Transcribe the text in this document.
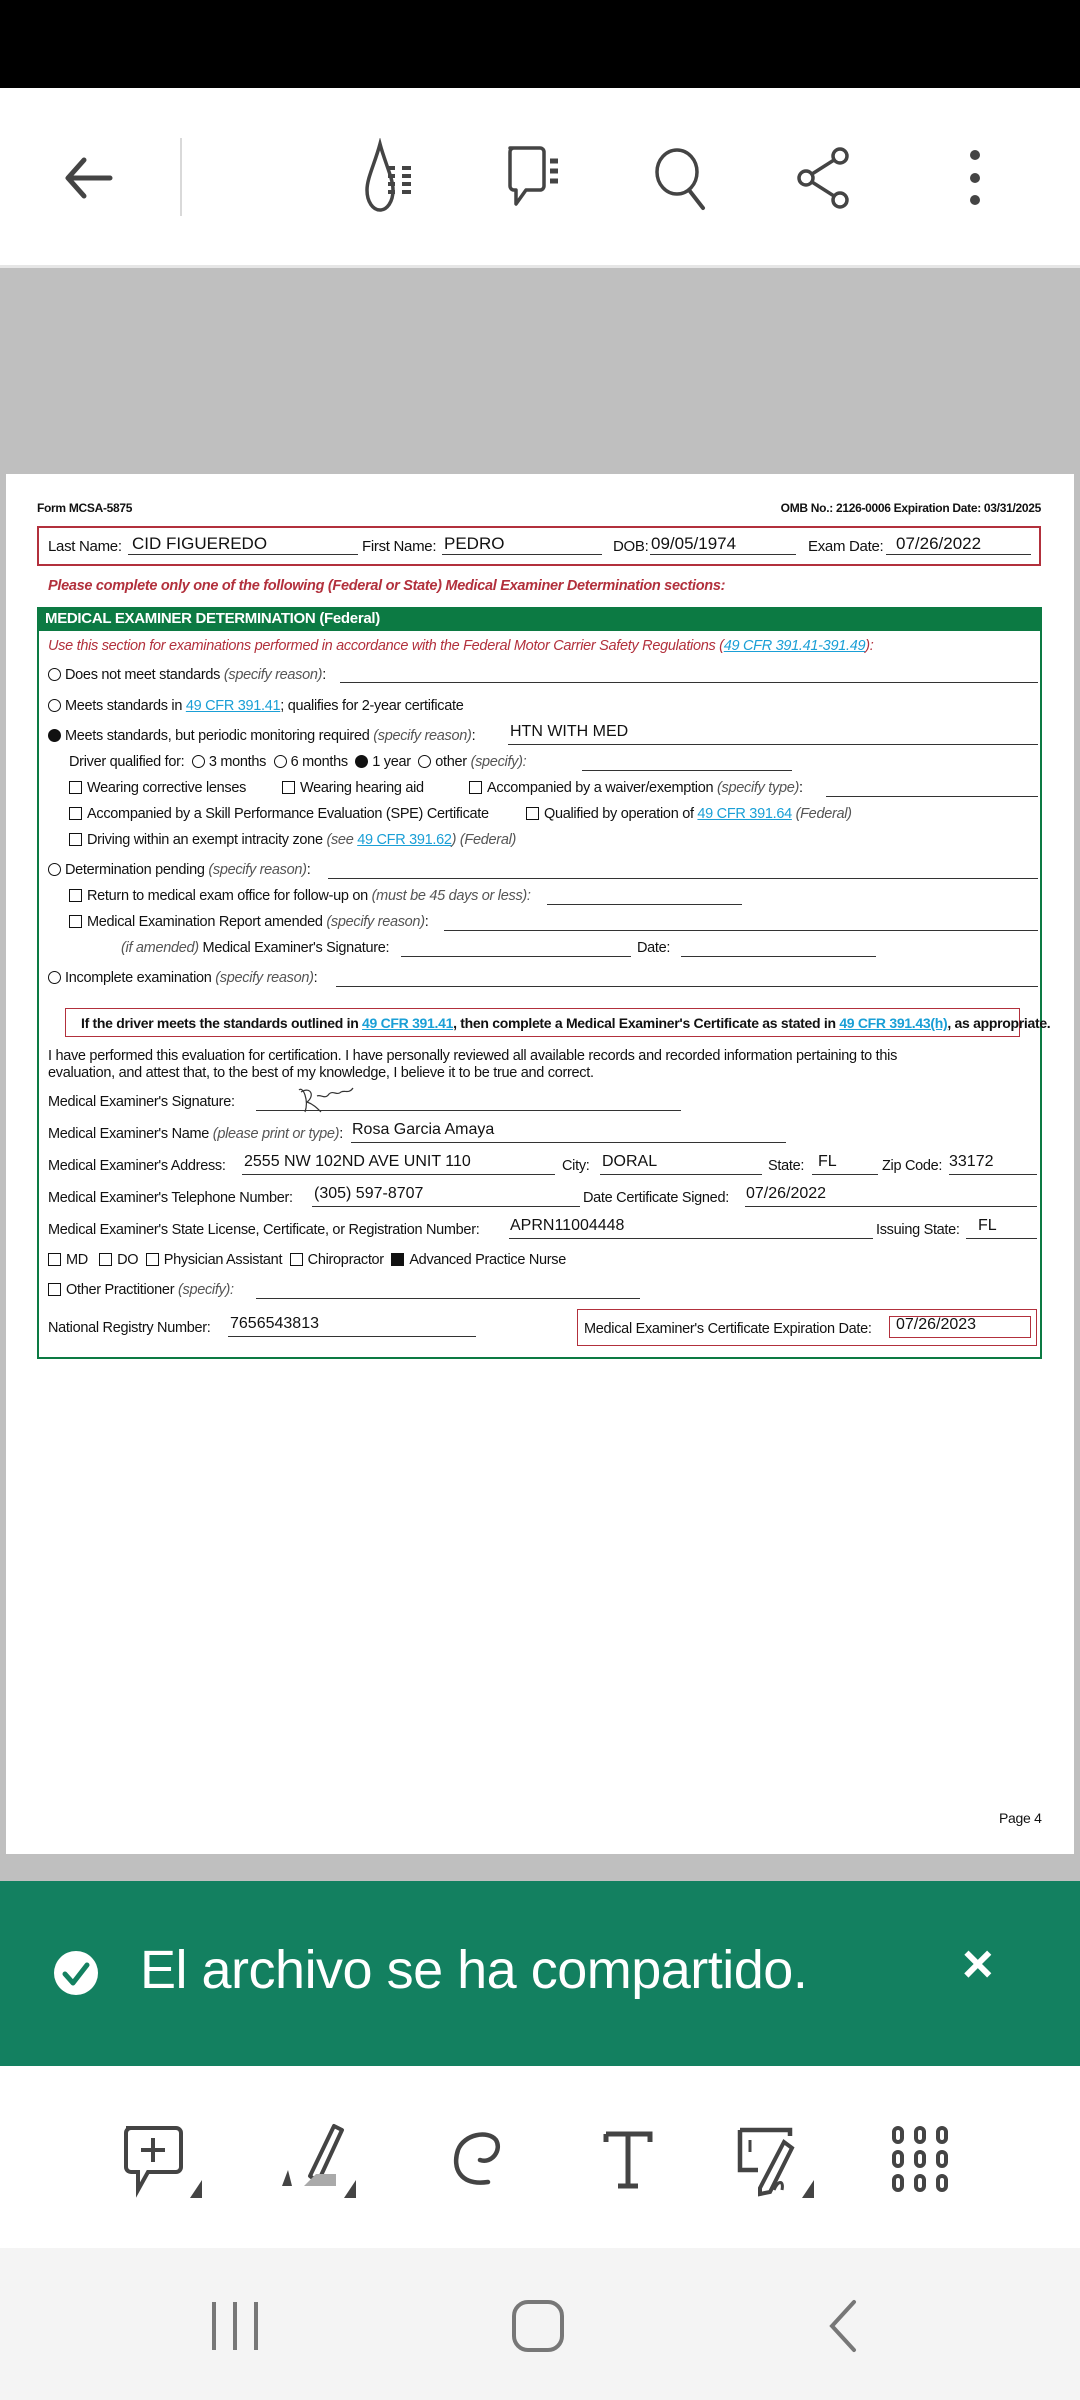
Form MCSA-5875	OMB No.: 2126-0006 Expiration Date: 03/31/2025
Last Name: CID FIGUEREDO	First Name: PEDRO	DOB: 09/05/1974	Exam Date: 07/26/2022
Please complete only one of the following (Federal or State) Medical Examiner Determination sections:
MEDICAL EXAMINER DETERMINATION (Federal)
Use this section for examinations performed in accordance with the Federal Motor Carrier Safety Regulations (49 CFR 391.41-391.49):
Does not meet standards (specify reason):
Meets standards in 49 CFR 391.41; qualifies for 2-year certificate
Meets standards, but periodic monitoring required (specify reason): HTN WITH MED
Driver qualified for: 3 months 6 months 1 year other (specify):
Wearing corrective lenses	Wearing hearing aid	Accompanied by a waiver/exemption (specify type):
Accompanied by a Skill Performance Evaluation (SPE) Certificate	Qualified by operation of 49 CFR 391.64 (Federal)
Driving within an exempt intracity zone (see 49 CFR 391.62) (Federal)
Determination pending (specify reason):
Return to medical exam office for follow-up on (must be 45 days or less):
Medical Examination Report amended (specify reason):
(if amended) Medical Examiner's Signature:	Date:
Incomplete examination (specify reason):
If the driver meets the standards outlined in 49 CFR 391.41, then complete a Medical Examiner's Certificate as stated in 49 CFR 391.43(h), as appropriate.
I have performed this evaluation for certification. I have personally reviewed all available records and recorded information pertaining to this
evaluation, and attest that, to the best of my knowledge, I believe it to be true and correct.
Medical Examiner's Signature:
Medical Examiner's Name (please print or type): Rosa Garcia Amaya
Medical Examiner's Address: 2555 NW 102ND AVE UNIT 110	City: DORAL	State: FL	Zip Code: 33172
Medical Examiner's Telephone Number: (305) 597-8707	Date Certificate Signed: 07/26/2022
Medical Examiner's State License, Certificate, or Registration Number: APRN11004448	Issuing State: FL
MD DO Physician Assistant Chiropractor Advanced Practice Nurse
Other Practitioner (specify):
National Registry Number: 7656543813	Medical Examiner's Certificate Expiration Date: 07/26/2023
Page 4
El archivo se ha compartido.	×
